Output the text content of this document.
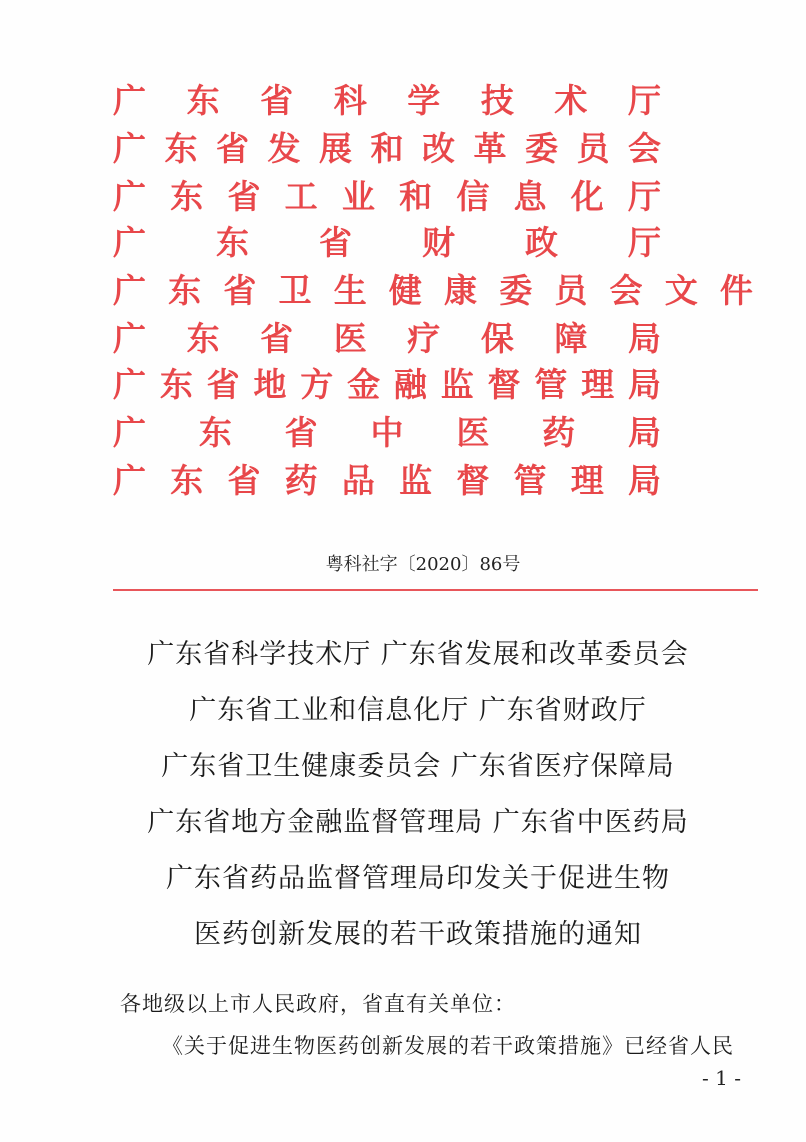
广 东 省 科 学 技 术 厅
广 东 省 发 展 和 改 革 委 员 会
广 东 省 工 业 和 信 息 化 厅
广 东 省 财 政 厅
广 东 省 卫 生 健 康 委 员 会 文 件
广 东 省 医 疗 保 障 局
广 东 省 地 方 金 融 监 督 管 理 局
广 东 省 中 医 药 局
广 东 省 药 品 监 督 管 理 局
粤科社字〔2020〕86号
广东省科学技术厅 广东省发展和改革委员会
广东省工业和信息化厅 广东省财政厅
广东省卫生健康委员会 广东省医疗保障局
广东省地方金融监督管理局 广东省中医药局
广东省药品监督管理局印发关于促进生物
医药创新发展的若干政策措施的通知
各地级以上市人民政府，省直有关单位：
《关于促进生物医药创新发展的若干政策措施》已经省人民
- 1 -
